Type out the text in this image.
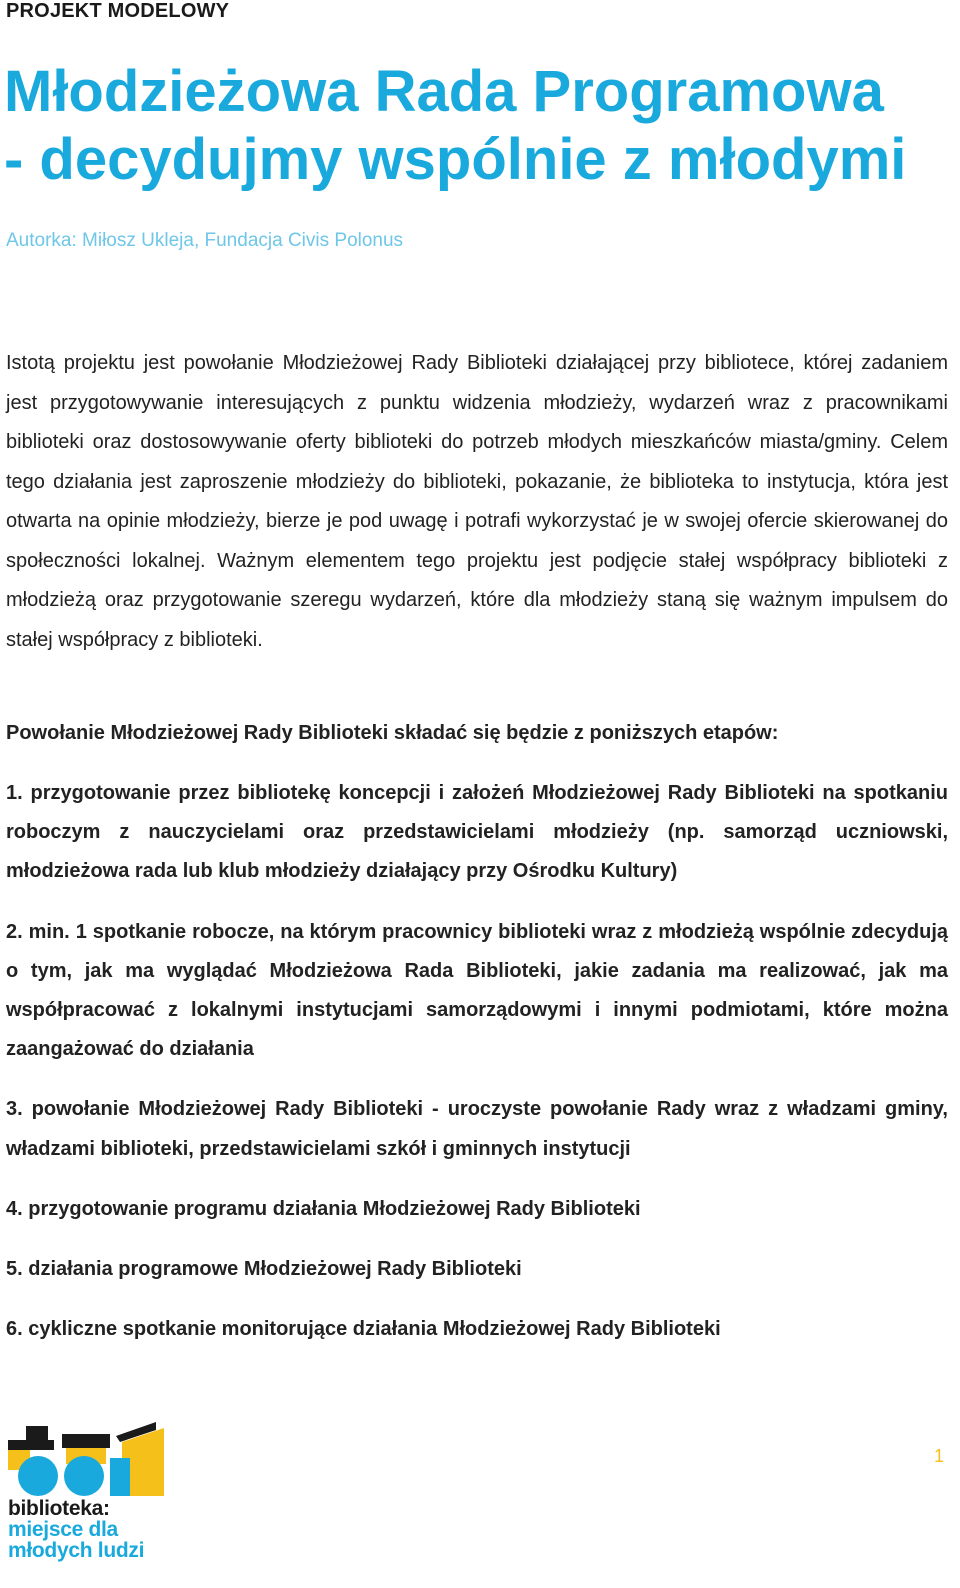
PROJEKT MODELOWY
Młodzieżowa Rada Programowa
- decydujmy wspólnie z młodymi
Autorka: Miłosz Ukleja, Fundacja Civis Polonus

Istotą projektu jest powołanie Młodzieżowej Rady Biblioteki działającej przy bibliotece, której zadaniem jest przygotowywanie interesujących z punktu widzenia młodzieży, wydarzeń wraz z pracownikami biblioteki oraz dostosowywanie oferty biblioteki do potrzeb młodych mieszkańców miasta/gminy. Celem tego działania jest zaproszenie młodzieży do biblioteki, pokazanie, że biblioteka to instytucja, która jest otwarta na opinie młodzieży, bierze je pod uwagę i potrafi wykorzystać je w swojej ofercie skierowanej do społeczności lokalnej. Ważnym elementem tego projektu jest podjęcie stałej współpracy biblioteki z młodzieżą oraz przygotowanie szeregu wydarzeń, które dla młodzieży staną się ważnym impulsem do stałej współpracy z biblioteki.

Powołanie Młodzieżowej Rady Biblioteki składać się będzie z poniższych etapów:

1. przygotowanie przez bibliotekę koncepcji i założeń Młodzieżowej Rady Biblioteki na spotkaniu roboczym z nauczycielami oraz przedstawicielami młodzieży (np. samorząd uczniowski, młodzieżowa rada lub klub młodzieży działający przy Ośrodku Kultury)
2. min. 1 spotkanie robocze, na którym pracownicy biblioteki wraz z młodzieżą wspólnie zdecydują o tym, jak ma wyglądać Młodzieżowa Rada Biblioteki, jakie zadania ma realizować, jak ma współpracować z lokalnymi instytucjami samorządowymi i innymi podmiotami, które można zaangażować do działania
3. powołanie Młodzieżowej Rady Biblioteki - uroczyste powołanie Rady wraz z władzami gminy, władzami biblioteki, przedstawicielami szkół i gminnych instytucji
4. przygotowanie programu działania Młodzieżowej Rady Biblioteki
5. działania programowe Młodzieżowej Rady Biblioteki
6. cykliczne spotkanie monitorujące działania Młodzieżowej Rady Biblioteki
biblioteka:
miejsce dla
młodych ludzi
1
